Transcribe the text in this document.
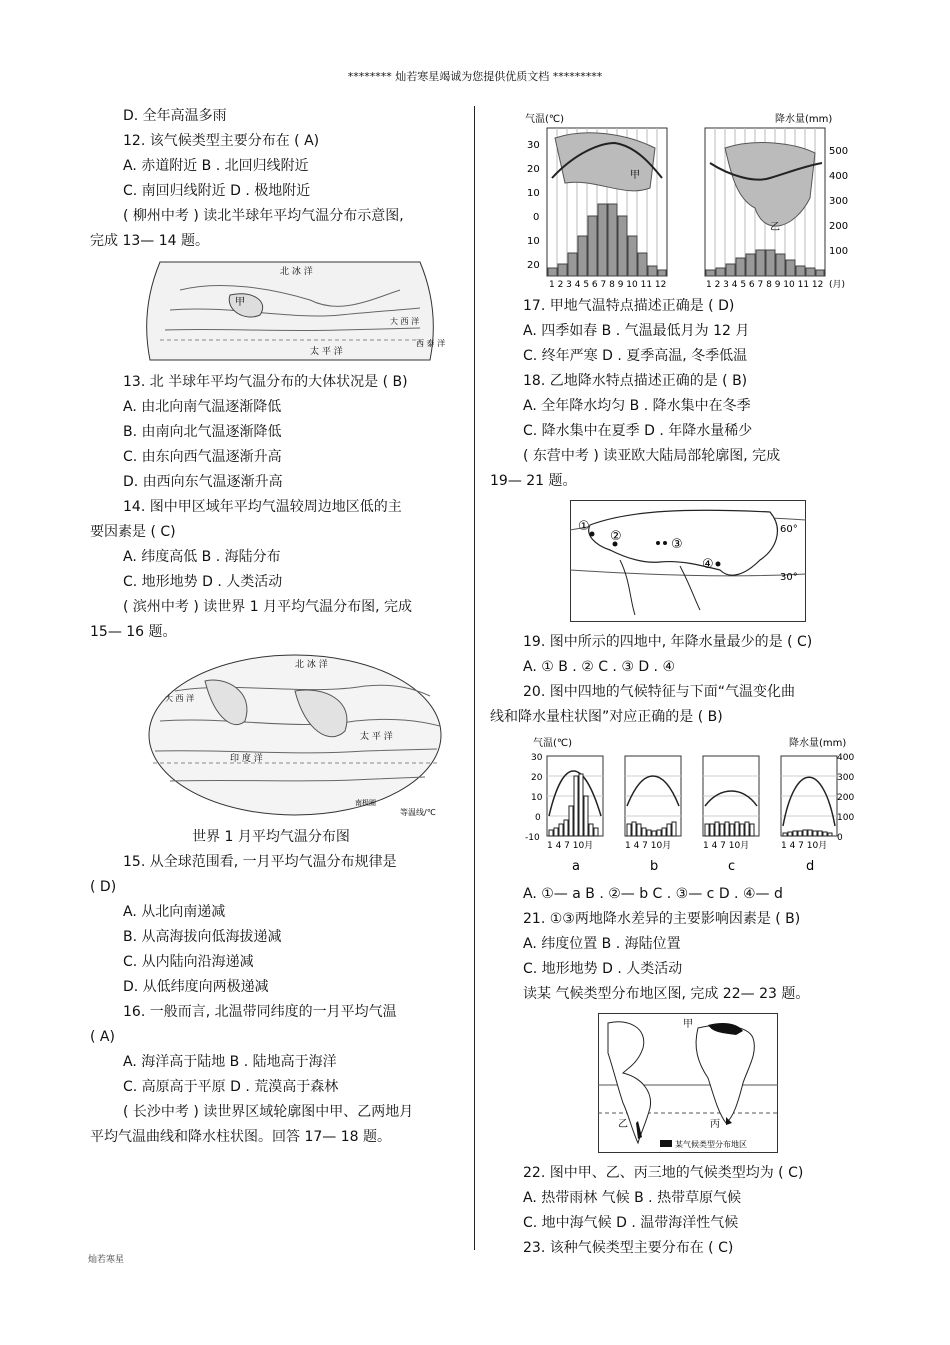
******** 灿若寒星竭诚为您提供优质文档 *********
D. 全年高温多雨
12. 该气候类型主要分布在 ( A)
A. 赤道附近 B . 北回归线附近
C. 南回归线附近 D . 极地附近
( 柳州中考 ) 读北半球年平均气温分布示意图,
完成 13— 14 题。
北 冰 洋
甲
太 平 洋
大 西 洋
西 泰 洋
13. 北 半球年平均气温分布的大体状况是 ( B)
A. 由北向南气温逐渐降低
B. 由南向北气温逐渐降低
C. 由东向西气温逐渐升高
D. 由西向东气温逐渐升高
14. 图中甲区域年平均气温较周边地区低的主
要因素是 ( C)
A. 纬度高低 B . 海陆分布
C. 地形地势 D . 人类活动
( 滨州中考 ) 读世界 1 月平均气温分布图, 完成
15— 16 题。
北 冰 洋
太 平 洋
印 度 洋
大 西 洋
等温线/℃
南极圈
世界 1 月平均气温分布图
15. 从全球范围看, 一月平均气温分布规律是
( D)
A. 从北向南递减
B. 从高海拔向低海拔递减
C. 从内陆向沿海递减
D. 从低纬度向两极递减
16. 一般而言, 北温带同纬度的一月平均气温
( A)
A. 海洋高于陆地 B . 陆地高于海洋
C. 高原高于平原 D . 荒漠高于森林
( 长沙中考 ) 读世界区域轮廓图中甲、乙两地月
平均气温曲线和降水柱状图。回答 17— 18 题。
气温(℃)	降水量(mm)
30
20
10
0
10
20
500
400
300
200
100
1 2 3 4 5 6 7 8 9 10 11 12	1 2 3 4 5 6 7 8 9 10 11 12 (月)
甲
乙
17. 甲地气温特点描述正确是 ( D)
A. 四季如春 B . 气温最低月为 12 月
C. 终年严寒 D . 夏季高温, 冬季低温
18. 乙地降水特点描述正确的是 ( B)
A. 全年降水均匀 B . 降水集中在冬季
C. 降水集中在夏季 D . 年降水量稀少
( 东营中考 ) 读亚欧大陆局部轮廓图, 完成
19— 21 题。
①
②
③
④
60°
30°
19. 图中所示的四地中, 年降水量最少的是 ( C)
A. ① B . ② C . ③ D . ④
20. 图中四地的气候特征与下面“气温变化曲
线和降水量柱状图”对应正确的是 ( B)
气温(℃)	降水量(mm)
30
20
10
0
-10
400
300
200
100
0
1 4 7 10月	1 4 7 10月	1 4 7 10月	1 4 7 10月
a	b	c	d
A. ①— a B . ②— b C . ③— c D . ④— d
21. ①③两地降水差异的主要影响因素是 ( B)
A. 纬度位置 B . 海陆位置
C. 地形地势 D . 人类活动
读某 气候类型分布地区图, 完成 22— 23 题。
甲
乙	丙
某气候类型分布地区
22. 图中甲、乙、丙三地的气候类型均为 ( C)
A. 热带雨林 气候 B . 热带草原气候
C. 地中海气候 D . 温带海洋性气候
23. 该种气候类型主要分布在 ( C)
灿若寒星
